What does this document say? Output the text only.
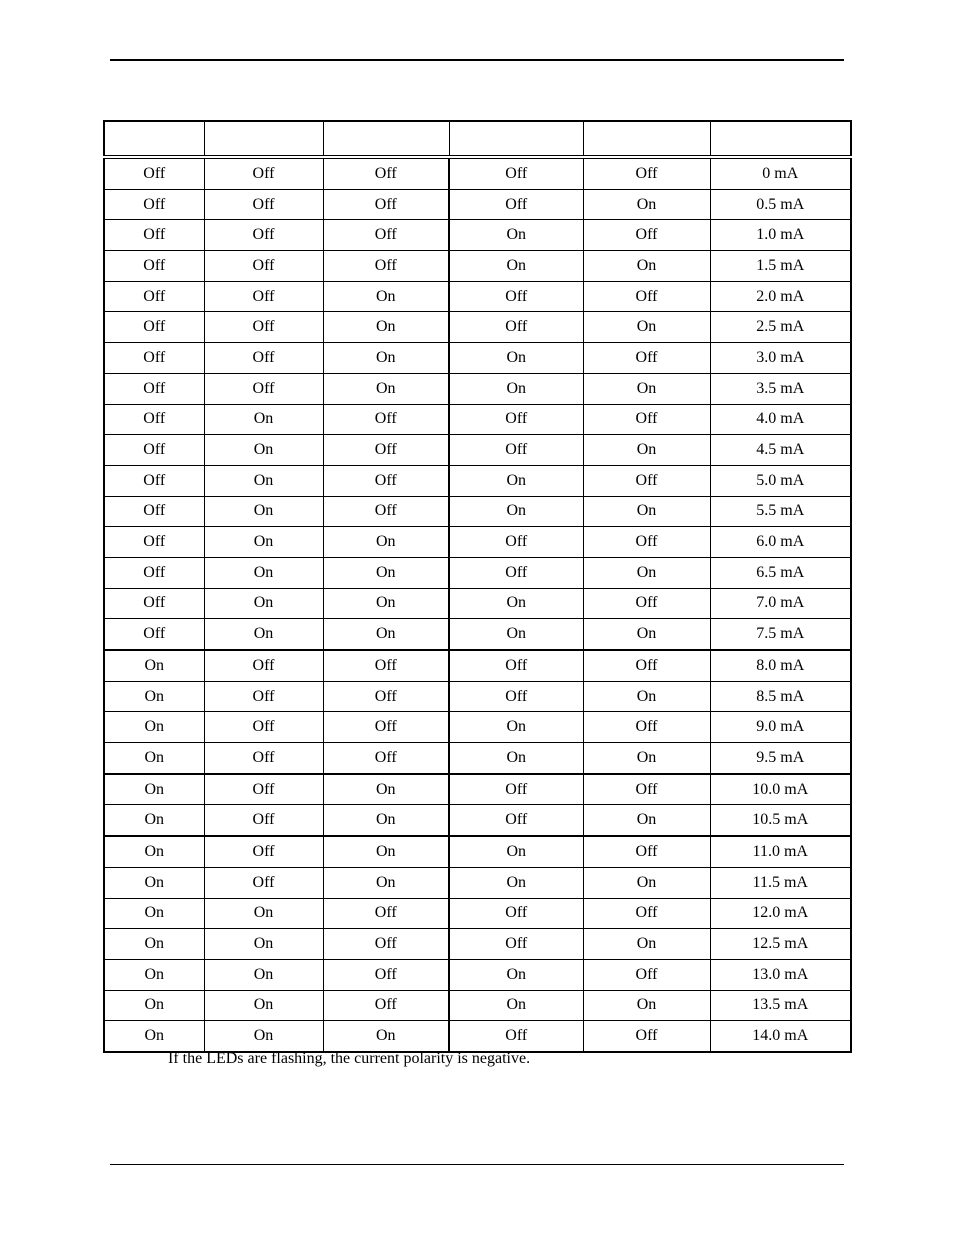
Off	Off	Off	Off	Off	0 mA
Off	Off	Off	Off	On	0.5 mA
Off	Off	Off	On	Off	1.0 mA
Off	Off	Off	On	On	1.5 mA
Off	Off	On	Off	Off	2.0 mA
Off	Off	On	Off	On	2.5 mA
Off	Off	On	On	Off	3.0 mA
Off	Off	On	On	On	3.5 mA
Off	On	Off	Off	Off	4.0 mA
Off	On	Off	Off	On	4.5 mA
Off	On	Off	On	Off	5.0 mA
Off	On	Off	On	On	5.5 mA
Off	On	On	Off	Off	6.0 mA
Off	On	On	Off	On	6.5 mA
Off	On	On	On	Off	7.0 mA
Off	On	On	On	On	7.5 mA
On	Off	Off	Off	Off	8.0 mA
On	Off	Off	Off	On	8.5 mA
On	Off	Off	On	Off	9.0 mA
On	Off	Off	On	On	9.5 mA
On	Off	On	Off	Off	10.0 mA
On	Off	On	Off	On	10.5 mA
On	Off	On	On	Off	11.0 mA
On	Off	On	On	On	11.5 mA
On	On	Off	Off	Off	12.0 mA
On	On	Off	Off	On	12.5 mA
On	On	Off	On	Off	13.0 mA
On	On	Off	On	On	13.5 mA
On	On	On	Off	Off	14.0 mA
If the LEDs are flashing, the current polarity is negative.
